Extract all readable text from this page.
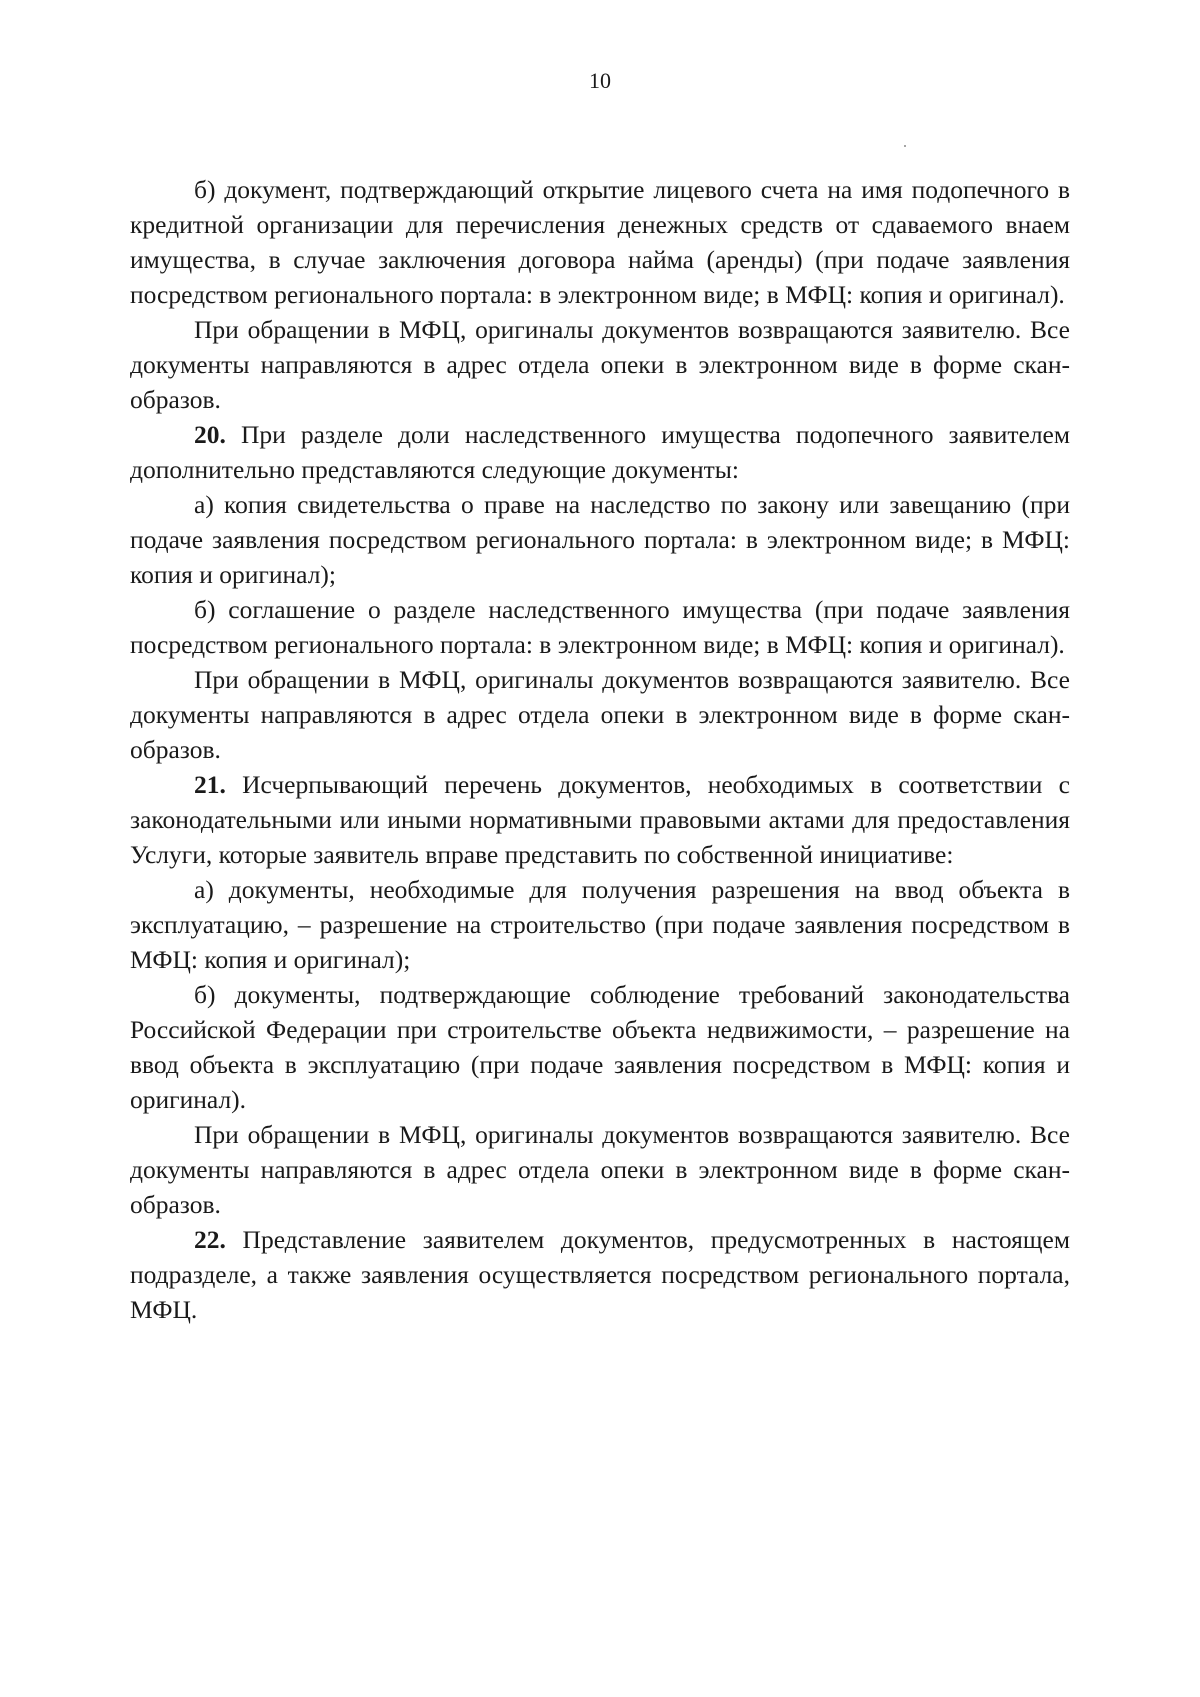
10

б) документ, подтверждающий открытие лицевого счета на имя подопечного в кредитной организации для перечисления денежных средств от сдаваемого внаем имущества, в случае заключения договора найма (аренды) (при подаче заявления посредством регионального портала: в электронном виде; в МФЦ: копия и оригинал).

При обращении в МФЦ, оригиналы документов возвращаются заявителю. Все документы направляются в адрес отдела опеки в электронном виде в форме скан-образов.

20. При разделе доли наследственного имущества подопечного заявителем дополнительно представляются следующие документы:

а) копия свидетельства о праве на наследство по закону или завещанию (при подаче заявления посредством регионального портала: в электронном виде; в МФЦ: копия и оригинал);

б) соглашение о разделе наследственного имущества (при подаче заявления посредством регионального портала: в электронном виде; в МФЦ: копия и оригинал).

При обращении в МФЦ, оригиналы документов возвращаются заявителю. Все документы направляются в адрес отдела опеки в электронном виде в форме скан-образов.

21. Исчерпывающий перечень документов, необходимых в соответствии с законодательными или иными нормативными правовыми актами для предоставления Услуги, которые заявитель вправе представить по собственной инициативе:

а) документы, необходимые для получения разрешения на ввод объекта в эксплуатацию, – разрешение на строительство (при подаче заявления посредством в МФЦ: копия и оригинал);

б) документы, подтверждающие соблюдение требований законодательства Российской Федерации при строительстве объекта недвижимости, – разрешение на ввод объекта в эксплуатацию (при подаче заявления посредством в МФЦ: копия и оригинал).

При обращении в МФЦ, оригиналы документов возвращаются заявителю. Все документы направляются в адрес отдела опеки в электронном виде в форме скан-образов.

22. Представление заявителем документов, предусмотренных в настоящем подразделе, а также заявления осуществляется посредством регионального портала, МФЦ.
